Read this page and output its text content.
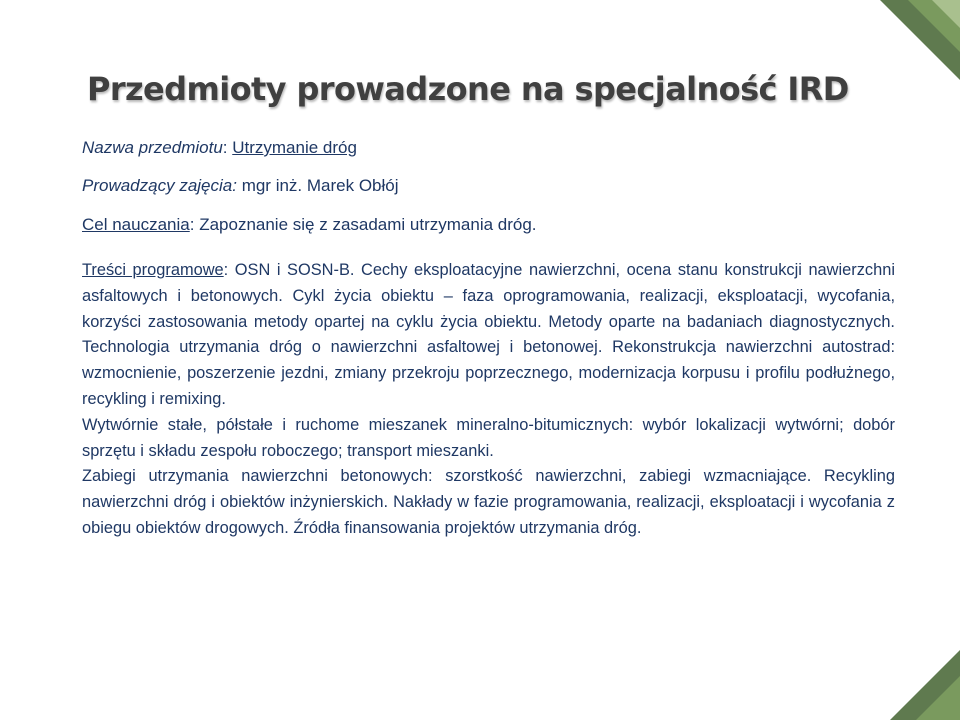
Przedmioty prowadzone na specjalność IRD
Nazwa przedmiotu: Utrzymanie dróg
Prowadzący zajęcia: mgr inż. Marek Obłój
Cel nauczania: Zapoznanie się z zasadami utrzymania dróg.

Treści programowe: OSN i SOSN-B. Cechy eksploatacyjne nawierzchni, ocena stanu konstrukcji nawierzchni asfaltowych i betonowych. Cykl życia obiektu – faza oprogramowania, realizacji, eksploatacji, wycofania, korzyści zastosowania metody opartej na cyklu życia obiektu. Metody oparte na badaniach diagnostycznych. Technologia utrzymania dróg o nawierzchni asfaltowej i betonowej. Rekonstrukcja nawierzchni autostrad: wzmocnienie, poszerzenie jezdni, zmiany przekroju poprzecznego, modernizacja korpusu i profilu podłużnego, recykling i remixing.

Wytwórnie stałe, półstałe i ruchome mieszanek mineralno-bitumicznych: wybór lokalizacji wytwórni; dobór sprzętu i składu zespołu roboczego; transport mieszanki.

Zabiegi utrzymania nawierzchni betonowych: szorstkość nawierzchni, zabiegi wzmacniające. Recykling nawierzchni dróg i obiektów inżynierskich. Nakłady w fazie programowania, realizacji, eksploatacji i wycofania z obiegu obiektów drogowych. Źródła finansowania projektów utrzymania dróg.
